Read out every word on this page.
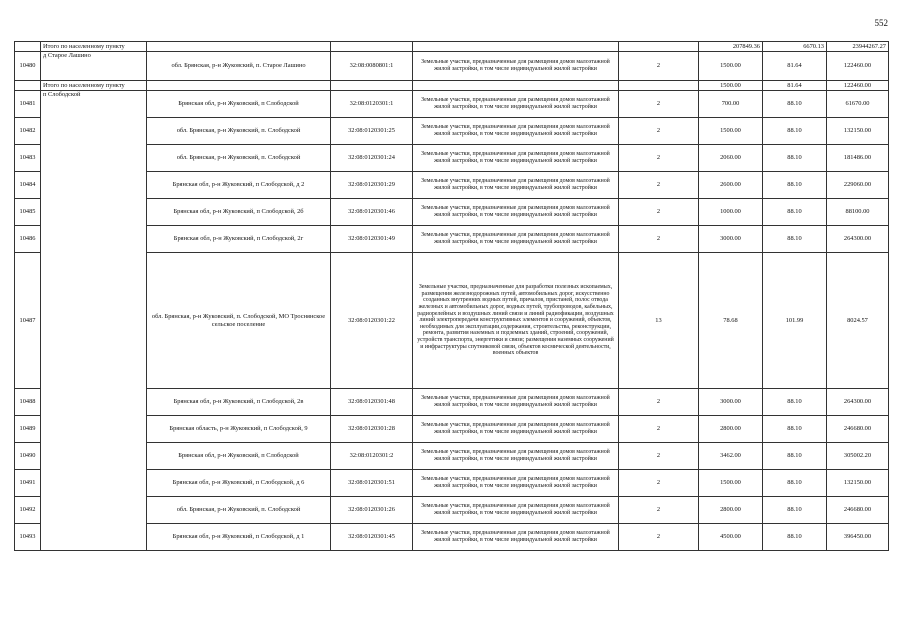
552
	Итого по населенному пункту					207849.36	6670.13	23944267.27
10480	д Старое Лашино	обл. Брянская, р-н Жуковский, п. Старое Лашино	32:08:0080801:1	Земельные участки, предназначенные для размещения домов малоэтажной жилой застройки, в том числе индивидуальной жилой застройки	2	1500.00	81.64	122460.00
	Итого по населенному пункту					1500.00	81.64	122460.00
10481	п Слободской	Брянская обл, р-н Жуковский, п Слободской	32:08:0120301:1	Земельные участки, предназначенные для размещения домов малоэтажной жилой застройки, в том числе индивидуальной жилой застройки	2	700.00	88.10	61670.00
10482		обл. Брянская, р-н Жуковский, п. Слободской	32:08:0120301:25	Земельные участки, предназначенные для размещения домов малоэтажной жилой застройки, в том числе индивидуальной жилой застройки	2	1500.00	88.10	132150.00
10483		обл. Брянская, р-н Жуковский, п. Слободской	32:08:0120301:24	Земельные участки, предназначенные для размещения домов малоэтажной жилой застройки, в том числе индивидуальной жилой застройки	2	2060.00	88.10	181486.00
10484		Брянская обл, р-н Жуковский, п Слободской, д 2	32:08:0120301:29	Земельные участки, предназначенные для размещения домов малоэтажной жилой застройки, в том числе индивидуальной жилой застройки	2	2600.00	88.10	229060.00
10485		Брянская обл, р-н Жуковский, п Слободской, 2б	32:08:0120301:46	Земельные участки, предназначенные для размещения домов малоэтажной жилой застройки, в том числе индивидуальной жилой застройки	2	1000.00	88.10	88100.00
10486		Брянская обл, р-н Жуковский, п Слободской, 2г	32:08:0120301:49	Земельные участки, предназначенные для размещения домов малоэтажной жилой застройки, в том числе индивидуальной жилой застройки	2	3000.00	88.10	264300.00
10487		обл. Брянская, р-н Жуковский, п. Слободской, МО Троснянское сельское поселение	32:08:0120301:22	Земельные участки, предназначенные для разработки полезных ископаемых, размещения железнодорожных путей, автомобильных дорог, искусственно созданных внутренних водных путей, причалов, пристаней, полос отвода железных и автомобильных дорог, водных путей, трубопроводов, кабельных, радиорелейных и воздушных линий связи и линий радиофикации, воздушных линий электропередачи конструктивных элементов и сооружений, объектов, необходимых для эксплуатации,содержания, строительства, реконструкции, ремонта, развития наземных и подземных зданий, строений, сооружений, устройств транспорта, энергетики и связи; размещения наземных сооружений и инфраструктуры спутниковой связи, объектов космической деятельности, военных объектов	13	78.68	101.99	8024.57
10488		Брянская обл, р-н Жуковский, п Слободской, 2в	32:08:0120301:48	Земельные участки, предназначенные для размещения домов малоэтажной жилой застройки, в том числе индивидуальной жилой застройки	2	3000.00	88.10	264300.00
10489		Брянская область, р-н Жуковский, п Слободской, 9	32:08:0120301:28	Земельные участки, предназначенные для размещения домов малоэтажной жилой застройки, в том числе индивидуальной жилой застройки	2	2800.00	88.10	246680.00
10490		Брянская обл, р-н Жуковский, п Слободской	32:08:0120301:2	Земельные участки, предназначенные для размещения домов малоэтажной жилой застройки, в том числе индивидуальной жилой застройки	2	3462.00	88.10	305002.20
10491		Брянская обл, р-н Жуковский, п Слободской, д 6	32:08:0120301:51	Земельные участки, предназначенные для размещения домов малоэтажной жилой застройки, в том числе индивидуальной жилой застройки	2	1500.00	88.10	132150.00
10492		обл. Брянская, р-н Жуковский, п. Слободской	32:08:0120301:26	Земельные участки, предназначенные для размещения домов малоэтажной жилой застройки, в том числе индивидуальной жилой застройки	2	2800.00	88.10	246680.00
10493		Брянская обл, р-н Жуковский, п Слободской, д 1	32:08:0120301:45	Земельные участки, предназначенные для размещения домов малоэтажной жилой застройки, в том числе индивидуальной жилой застройки	2	4500.00	88.10	396450.00
